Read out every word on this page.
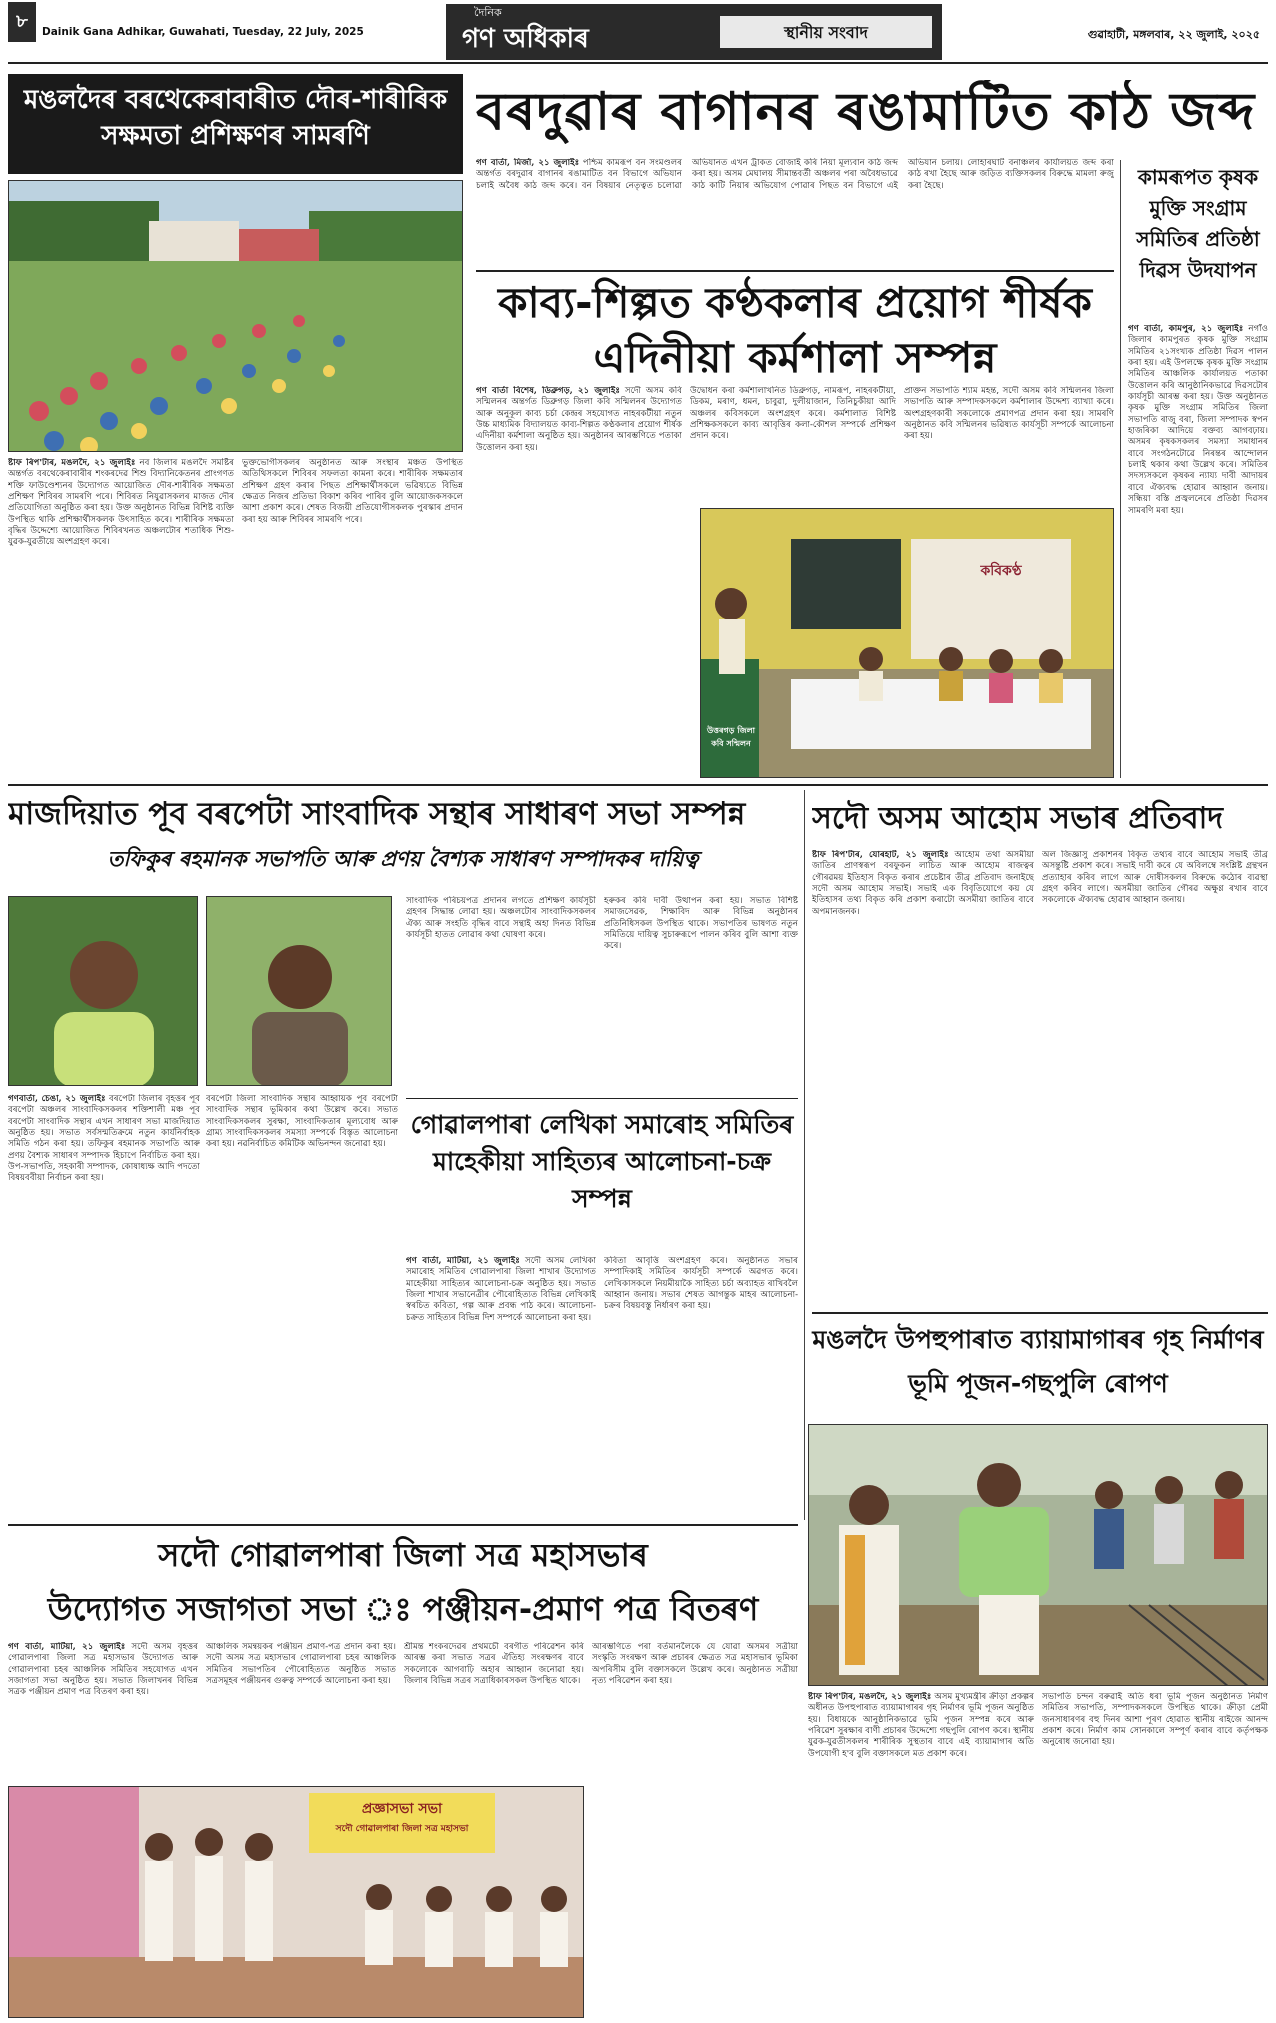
৮	Dainik Gana Adhikar, Guwahati, Tuesday, 22 July, 2025
দৈনিক
গণ অধিকাৰ	স্থানীয় সংবাদ	গুৱাহাটী, মঙ্গলবাৰ, ২২ জুলাই, ২০২৫
মঙলদৈৰ বৰথেকেৰাবাৰীত দৌৰ-শাৰীৰিক সক্ষমতা প্ৰশিক্ষণৰ সামৰণি
ষ্টাফ ৰিপ'টাৰ, মঙলদৈ, ২১ জুলাইঃ নব জিলাৰ মঙলদৈ সমষ্টিৰ অন্তৰ্গত বৰথেকেৰাবাৰীৰ শংকৰদেৱ শিশু বিদ্যানিকেতনৰ প্ৰাংগণত শক্তি ফাউণ্ডেশ্যনৰ উদ্যোগত আয়োজিত দৌৰ-শাৰীৰিক সক্ষমতা প্ৰশিক্ষণ শিবিৰৰ সামৰণি পৰে। শিবিৰত নিযুৱাসকলৰ মাজত দৌৰ প্ৰতিযোগিতা অনুষ্ঠিত কৰা হয়। উক্ত অনুষ্ঠানত বিভিন্ন বিশিষ্ট ব্যক্তি উপস্থিত থাকি প্ৰশিক্ষাৰ্থীসকলক উৎসাহিত কৰে। শাৰীৰিক সক্ষমতা বৃদ্ধিৰ উদ্দেশ্যে আয়োজিত শিবিৰখনত অঞ্চলটোৰ শতাধিক শিশু-যুৱক-যুৱতীয়ে অংশগ্ৰহণ কৰে।
ভুক্তভোগীসকলৰ অনুষ্ঠানত আৰু সংস্থাৰ মঞ্চত উপস্থিত অতিথিসকলে শিবিৰৰ সফলতা কামনা কৰে। শাৰীৰিক সক্ষমতাৰ প্ৰশিক্ষণ গ্ৰহণ কৰাৰ পিছত প্ৰশিক্ষাৰ্থীসকলে ভৱিষ্যতে বিভিন্ন ক্ষেত্ৰত নিজৰ প্ৰতিভা বিকাশ কৰিব পাৰিব বুলি আয়োজকসকলে আশা প্ৰকাশ কৰে। শেষত বিজয়ী প্ৰতিযোগীসকলক পুৰস্কাৰ প্ৰদান কৰা হয় আৰু শিবিৰৰ সামৰণি পৰে।
বৰদুৱাৰ বাগানৰ ৰঙামাটিত কাঠ জব্দ
গণ বাৰ্তা, মিৰ্জা, ২১ জুলাইঃ পশ্চিম কামৰূপ বন সংমণ্ডলৰ অন্তৰ্গত বৰদুৱাৰ বাগানৰ ৰঙামাটিত বন বিভাগে অভিযান চলাই অবৈধ কাঠ জব্দ কৰে। বন বিষয়াৰ নেতৃত্বত চলোৱা অভিযানত এখন ট্ৰাকত বোজাই কৰি নিয়া মূল্যবান কাঠ জব্দ কৰা হয়। অসম মেঘালয় সীমান্তবৰ্তী অঞ্চলৰ পৰা অবৈধভাৱে কাঠ কাটি নিয়াৰ অভিযোগ পোৱাৰ পিছত বন বিভাগে এই অভিযান চলায়। লোহাৰঘাট বনাঞ্চলৰ কাৰ্যালয়ত জব্দ কৰা কাঠ ৰখা হৈছে আৰু জড়িত ব্যক্তিসকলৰ বিৰুদ্ধে মামলা ৰুজু কৰা হৈছে।	কামৰূপত কৃষক মুক্তি সংগ্ৰাম সমিতিৰ প্ৰতিষ্ঠা দিৱস উদযাপন
গণ বাৰ্তা, কামপুৰ, ২১ জুলাইঃ নগাঁও জিলাৰ কামপুৰত কৃষক মুক্তি সংগ্ৰাম সমিতিৰ ২১সংখ্যক প্ৰতিষ্ঠা দিৱস পালন কৰা হয়। এই উপলক্ষে কৃষক মুক্তি সংগ্ৰাম সমিতিৰ আঞ্চলিক কাৰ্যালয়ত পতাকা উত্তোলন কৰি আনুষ্ঠানিকভাৱে দিৱসটোৰ কাৰ্যসূচী আৰম্ভ কৰা হয়। উক্ত অনুষ্ঠানত কৃষক মুক্তি সংগ্ৰাম সমিতিৰ জিলা সভাপতি ৰাজু বৰা, জিলা সম্পাদক স্বপন হাজৰিকা আদিয়ে বক্তব্য আগবঢ়ায়। অসমৰ কৃষকসকলৰ সমস্যা সমাধানৰ বাবে সংগঠনটোৱে নিৰন্তৰ আন্দোলন চলাই থকাৰ কথা উল্লেখ কৰে। সমিতিৰ সদস্যসকলে কৃষকৰ ন্যায্য দাবী আদায়ৰ বাবে ঐক্যবদ্ধ হোৱাৰ আহ্বান জনায়। সন্ধিয়া বস্তি প্ৰজ্বলনেৰে প্ৰতিষ্ঠা দিৱসৰ সামৰণি মৰা হয়।
কাব্য-শিল্পত কণ্ঠকলাৰ প্ৰয়োগ শীৰ্ষক এদিনীয়া কৰ্মশালা সম্পন্ন
গণ বাৰ্তা বিশেষ, ডিব্ৰুগড়, ২১ জুলাইঃ সদৌ অসম কবি সন্মিলনৰ অন্তৰ্গত ডিব্ৰুগড় জিলা কবি সন্মিলনৰ উদ্যোগত আৰু অনুকূল কাব্য চৰ্চা কেন্দ্ৰৰ সহযোগত নাহৰকটীয়া নতুন উচ্চ মাধ্যমিক বিদ্যালয়ত কাব্য-শিল্পত কণ্ঠকলাৰ প্ৰয়োগ শীৰ্ষক এদিনীয়া কৰ্মশালা অনুষ্ঠিত হয়। অনুষ্ঠানৰ আৰম্ভণিতে পতাকা উত্তোলন কৰা হয়।
উদ্বোধন কৰা কৰ্মশালাখনিত ডিব্ৰুগড়, নামৰূপ, নাহৰকটীয়া, ডিকম, মৰাণ, ধমন, চাবুৱা, দুলীয়াজান, তিনিচুকীয়া আদি অঞ্চলৰ কবিসকলে অংশগ্ৰহণ কৰে। কৰ্মশালাত বিশিষ্ট প্ৰশিক্ষকসকলে কাব্য আবৃত্তিৰ কলা-কৌশল সম্পৰ্কে প্ৰশিক্ষণ প্ৰদান কৰে।
প্ৰাক্তন সভাপতি শ্যাম মহন্ত, সদৌ অসম কবি সন্মিলনৰ জিলা সভাপতি আৰু সম্পাদকসকলে কৰ্মশালাৰ উদ্দেশ্য ব্যাখ্যা কৰে। অংশগ্ৰহণকাৰী সকলোকে প্ৰমাণপত্ৰ প্ৰদান কৰা হয়। সামৰণি অনুষ্ঠানত কবি সন্মিলনৰ ভৱিষ্যত কাৰ্যসূচী সম্পৰ্কে আলোচনা কৰা হয়।
কবিকণ্ঠ
উত্তৰগড় জিলা কবি সন্মিলন
মাজদিয়াত পূব বৰপেটা সাংবাদিক সন্থাৰ সাধাৰণ সভা সম্পন্ন
তফিকুৰ ৰহমানক সভাপতি আৰু প্ৰণয় বৈশ্যক সাধাৰণ সম্পাদকৰ দায়িত্ব
গণবাৰ্তা, চেঙা, ২১ জুলাইঃ বৰপেটা জিলাৰ বৃহত্তৰ পূব বৰপেটা অঞ্চলৰ সাংবাদিকসকলৰ শক্তিশালী মঞ্চ পূব বৰপেটা সাংবাদিক সন্থাৰ এখন সাধাৰণ সভা মাজদিয়াত অনুষ্ঠিত হয়। সভাত সৰ্বসন্মতিক্ৰমে নতুন কাৰ্যনিৰ্বাহক সমিতি গঠন কৰা হয়। তফিকুৰ ৰহমানক সভাপতি আৰু প্ৰণয় বৈশ্যক সাধাৰণ সম্পাদক হিচাপে নিৰ্বাচিত কৰা হয়। উপ-সভাপতি, সহকাৰী সম্পাদক, কোষাধ্যক্ষ আদি পদতো বিষয়ববীয়া নিৰ্বাচন কৰা হয়।
বৰপেটা জিলা সাংবাদিক সন্থাৰ আহ্বায়ক পূব বৰপেটা সাংবাদিক সন্থাৰ ভূমিকাৰ কথা উল্লেখ কৰে। সভাত সাংবাদিকসকলৰ সুৰক্ষা, সাংবাদিকতাৰ মূল্যবোধ আৰু গ্ৰাম্য সাংবাদিকসকলৰ সমস্যা সম্পৰ্কে বিস্তৃত আলোচনা কৰা হয়। নৱনিৰ্বাচিত কমিটিক অভিনন্দন জনোৱা হয়।
সাংবাদিক পৰিচয়পত্ৰ প্ৰদানৰ লগতে প্ৰশিক্ষণ কাৰ্যসূচী গ্ৰহণৰ সিদ্ধান্ত লোৱা হয়। অঞ্চলটোৰ সাংবাদিকসকলৰ ঐক্য আৰু সংহতি বৃদ্ধিৰ বাবে সন্থাই অহা দিনত বিভিন্ন কাৰ্যসূচী হাতত লোৱাৰ কথা ঘোষণা কৰে।
হৰুকৰ কৰি দাবী উত্থাপন কৰা হয়। সভাত বিশিষ্ট সমাজসেৱক, শিক্ষাবিদ আৰু বিভিন্ন অনুষ্ঠানৰ প্ৰতিনিধিসকল উপস্থিত থাকে। সভাপতিৰ ভাষণত নতুন সমিতিয়ে দায়িত্ব সুচাৰুৰূপে পালন কৰিব বুলি আশা ব্যক্ত কৰে।
গোৱালপাৰা লেখিকা সমাৰোহ সমিতিৰ মাহেকীয়া সাহিত্যৰ আলোচনা-চক্ৰ সম্পন্ন
গণ বাৰ্তা, মাটিয়া, ২১ জুলাইঃ সদৌ অসম লেখিকা সমাৰোহ সমিতিৰ গোৱালপাৰা জিলা শাখাৰ উদ্যোগত মাহেকীয়া সাহিত্যৰ আলোচনা-চক্ৰ অনুষ্ঠিত হয়। সভাত জিলা শাখাৰ সভানেত্ৰীৰ পৌৰোহিত্যত বিভিন্ন লেখিকাই স্বৰচিত কবিতা, গল্প আৰু প্ৰবন্ধ পাঠ কৰে। আলোচনা-চক্ৰত সাহিত্যৰ বিভিন্ন দিশ সম্পৰ্কে আলোচনা কৰা হয়।
কবিতা আবৃত্তি অংশগ্ৰহণ কৰে। অনুষ্ঠানত সভাৰ সম্পাদিকাই সমিতিৰ কাৰ্যসূচী সম্পৰ্কে অৱগত কৰে। লেখিকাসকলে নিয়মীয়াকৈ সাহিত্য চৰ্চা অব্যাহত ৰাখিবলৈ আহ্বান জনায়। সভাৰ শেষত আগন্তুক মাহৰ আলোচনা-চক্ৰৰ বিষয়বস্তু নিৰ্ধাৰণ কৰা হয়।
সদৌ অসম আহোম সভাৰ প্ৰতিবাদ
ষ্টাফ ৰিপ'টাৰ, যোৰহাট, ২১ জুলাইঃ আহোম তথা অসমীয়া জাতিৰ প্ৰাণস্বৰূপ বৰফুকন লাচিত আৰু আহোম ৰাজত্বৰ গৌৰৱময় ইতিহাস বিকৃত কৰাৰ প্ৰচেষ্টাৰ তীব্ৰ প্ৰতিবাদ জনাইছে সদৌ অসম আহোম সভাই। সভাই এক বিবৃতিযোগে কয় যে ইতিহাসৰ তথ্য বিকৃত কৰি প্ৰকাশ কৰাটো অসমীয়া জাতিৰ বাবে অপমানজনক।
অল জিজ্ঞাসু প্ৰকাশনৰ বিকৃত তথ্যৰ বাবে আহোম সভাই তীব্ৰ অসন্তুষ্টি প্ৰকাশ কৰে। সভাই দাবী কৰে যে অবিলম্বে সংশ্লিষ্ট গ্ৰন্থখন প্ৰত্যাহাৰ কৰিব লাগে আৰু দোষীসকলৰ বিৰুদ্ধে কঠোৰ ব্যৱস্থা গ্ৰহণ কৰিব লাগে। অসমীয়া জাতিৰ গৌৰৱ অক্ষুণ্ণ ৰখাৰ বাবে সকলোকে ঐক্যবদ্ধ হোৱাৰ আহ্বান জনায়।
মঙলদৈ উপহুপাৰাত ব্যায়ামাগাৰৰ গৃহ নিৰ্মাণৰ ভূমি পূজন-গছপুলি ৰোপণ
ষ্টাফ ৰিপ'টাৰ, মঙলদৈ, ২১ জুলাইঃ অসম মুখ্যমন্ত্ৰীৰ ক্ৰীড়া প্ৰকল্পৰ অধীনত উপহুপাৰাত ব্যায়ামাগাৰৰ গৃহ নিৰ্মাণৰ ভূমি পূজন অনুষ্ঠিত হয়। বিধায়কে আনুষ্ঠানিকভাৱে ভূমি পূজন সম্পন্ন কৰে আৰু পৰিৱেশ সুৰক্ষাৰ বাণী প্ৰচাৰৰ উদ্দেশ্যে গছপুলি ৰোপণ কৰে। স্থানীয় যুৱক-যুৱতীসকলৰ শাৰীৰিক সুস্থতাৰ বাবে এই ব্যায়ামাগাৰ অতি উপযোগী হ'ব বুলি বক্তাসকলে মত প্ৰকাশ কৰে।
সভাপতি চন্দন বৰুৱাই অতি ধৰা ভূমি পূজন অনুষ্ঠানত নিৰ্মাণ সমিতিৰ সভাপতি, সম্পাদকসকলে উপস্থিত থাকে। ক্ৰীড়া প্ৰেমী জনসাধাৰণৰ বহু দিনৰ আশা পূৰণ হোৱাত স্থানীয় ৰাইজে আনন্দ প্ৰকাশ কৰে। নিৰ্মাণ কাম সোনকালে সম্পূৰ্ণ কৰাৰ বাবে কৰ্তৃপক্ষক অনুৰোধ জনোৱা হয়।
সদৌ গোৱালপাৰা জিলা সত্ৰ মহাসভাৰ
উদ্যোগত সজাগতা সভা ঃ পঞ্জীয়ন-প্ৰমাণ পত্ৰ বিতৰণ
গণ বাৰ্তা, মাটিয়া, ২১ জুলাইঃ সদৌ অসম বৃহত্তৰ গোৱালপাৰা জিলা সত্ৰ মহাসভাৰ উদ্যোগত আৰু গোৱালপাৰা চহৰ আঞ্চলিক সমিতিৰ সহযোগত এখন সজাগতা সভা অনুষ্ঠিত হয়। সভাত জিলাখনৰ বিভিন্ন সত্ৰক পঞ্জীয়ন প্ৰমাণ পত্ৰ বিতৰণ কৰা হয়।
আঞ্চলিক সমন্বয়কৰ পঞ্জীয়ন প্ৰমাণ-পত্ৰ প্ৰদান কৰা হয়। সদৌ অসম সত্ৰ মহাসভাৰ গোৱালপাৰা চহৰ আঞ্চলিক সমিতিৰ সভাপতিৰ পৌৰোহিত্যত অনুষ্ঠিত সভাত সত্ৰসমূহৰ পঞ্জীয়নৰ গুৰুত্ব সম্পৰ্কে আলোচনা কৰা হয়।
শ্ৰীমন্ত শংকৰদেৱৰ প্ৰথমচৌ বৰগীত পৰিৱেশন কৰি আৰম্ভ কৰা সভাত সত্ৰৰ ঐতিহ্য সংৰক্ষণৰ বাবে সকলোকে আগবাঢ়ি অহাৰ আহ্বান জনোৱা হয়। জিলাৰ বিভিন্ন সত্ৰৰ সত্ৰাধিকাৰসকল উপস্থিত থাকে।
আৰম্ভণিতে পৰা বৰ্তমানলৈকে যে যোৱা অসমৰ সত্ৰীয়া সংস্কৃতি সংৰক্ষণ আৰু প্ৰচাৰৰ ক্ষেত্ৰত সত্ৰ মহাসভাৰ ভূমিকা অপৰিসীম বুলি বক্তাসকলে উল্লেখ কৰে। অনুষ্ঠানত সত্ৰীয়া নৃত্য পৰিৱেশন কৰা হয়।
প্ৰজ্ঞাসভা সভা
সদৌ গোৱালপাৰা জিলা সত্ৰ মহাসভা
